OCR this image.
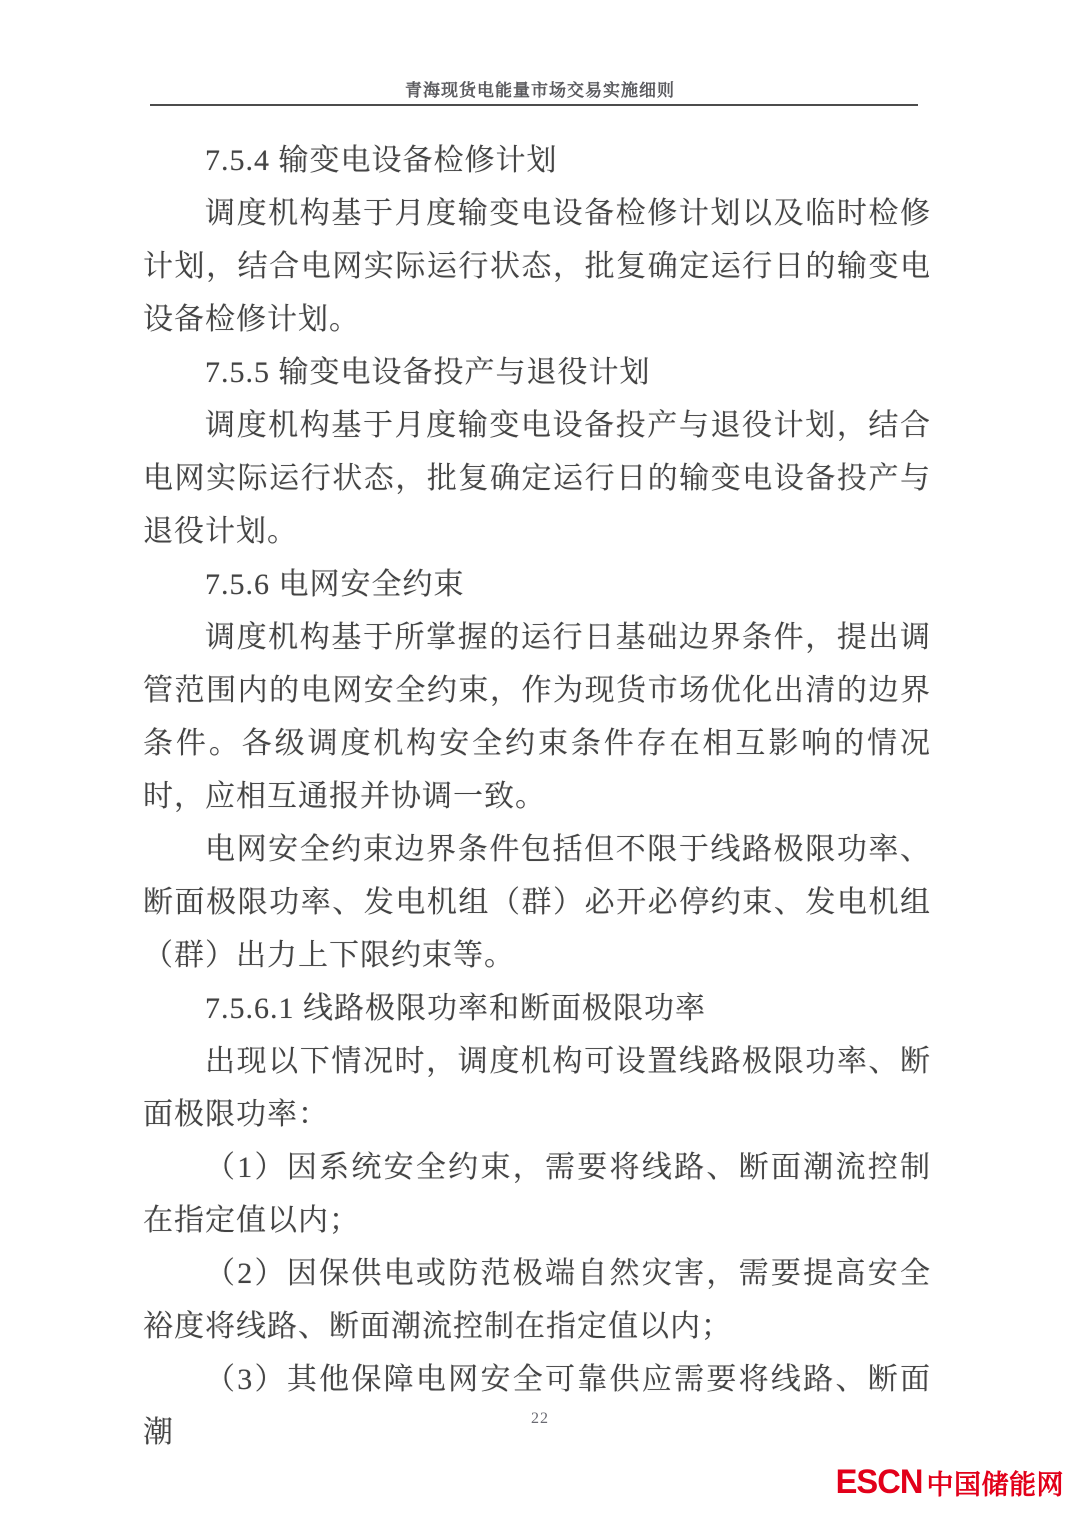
青海现货电能量市场交易实施细则

7.5.4 输变电设备检修计划

调度机构基于月度输变电设备检修计划以及临时检修计划，结合电网实际运行状态，批复确定运行日的输变电设备检修计划。

7.5.5 输变电设备投产与退役计划

调度机构基于月度输变电设备投产与退役计划，结合电网实际运行状态，批复确定运行日的输变电设备投产与退役计划。

7.5.6 电网安全约束

调度机构基于所掌握的运行日基础边界条件，提出调管范围内的电网安全约束，作为现货市场优化出清的边界条件。各级调度机构安全约束条件存在相互影响的情况时，应相互通报并协调一致。

电网安全约束边界条件包括但不限于线路极限功率、断面极限功率、发电机组（群）必开必停约束、发电机组（群）出力上下限约束等。

7.5.6.1 线路极限功率和断面极限功率

出现以下情况时，调度机构可设置线路极限功率、断面极限功率：

（1）因系统安全约束，需要将线路、断面潮流控制在指定值以内；

（2）因保供电或防范极端自然灾害，需要提高安全裕度将线路、断面潮流控制在指定值以内；

（3）其他保障电网安全可靠供应需要将线路、断面潮	22
ESCN 中国储能网
